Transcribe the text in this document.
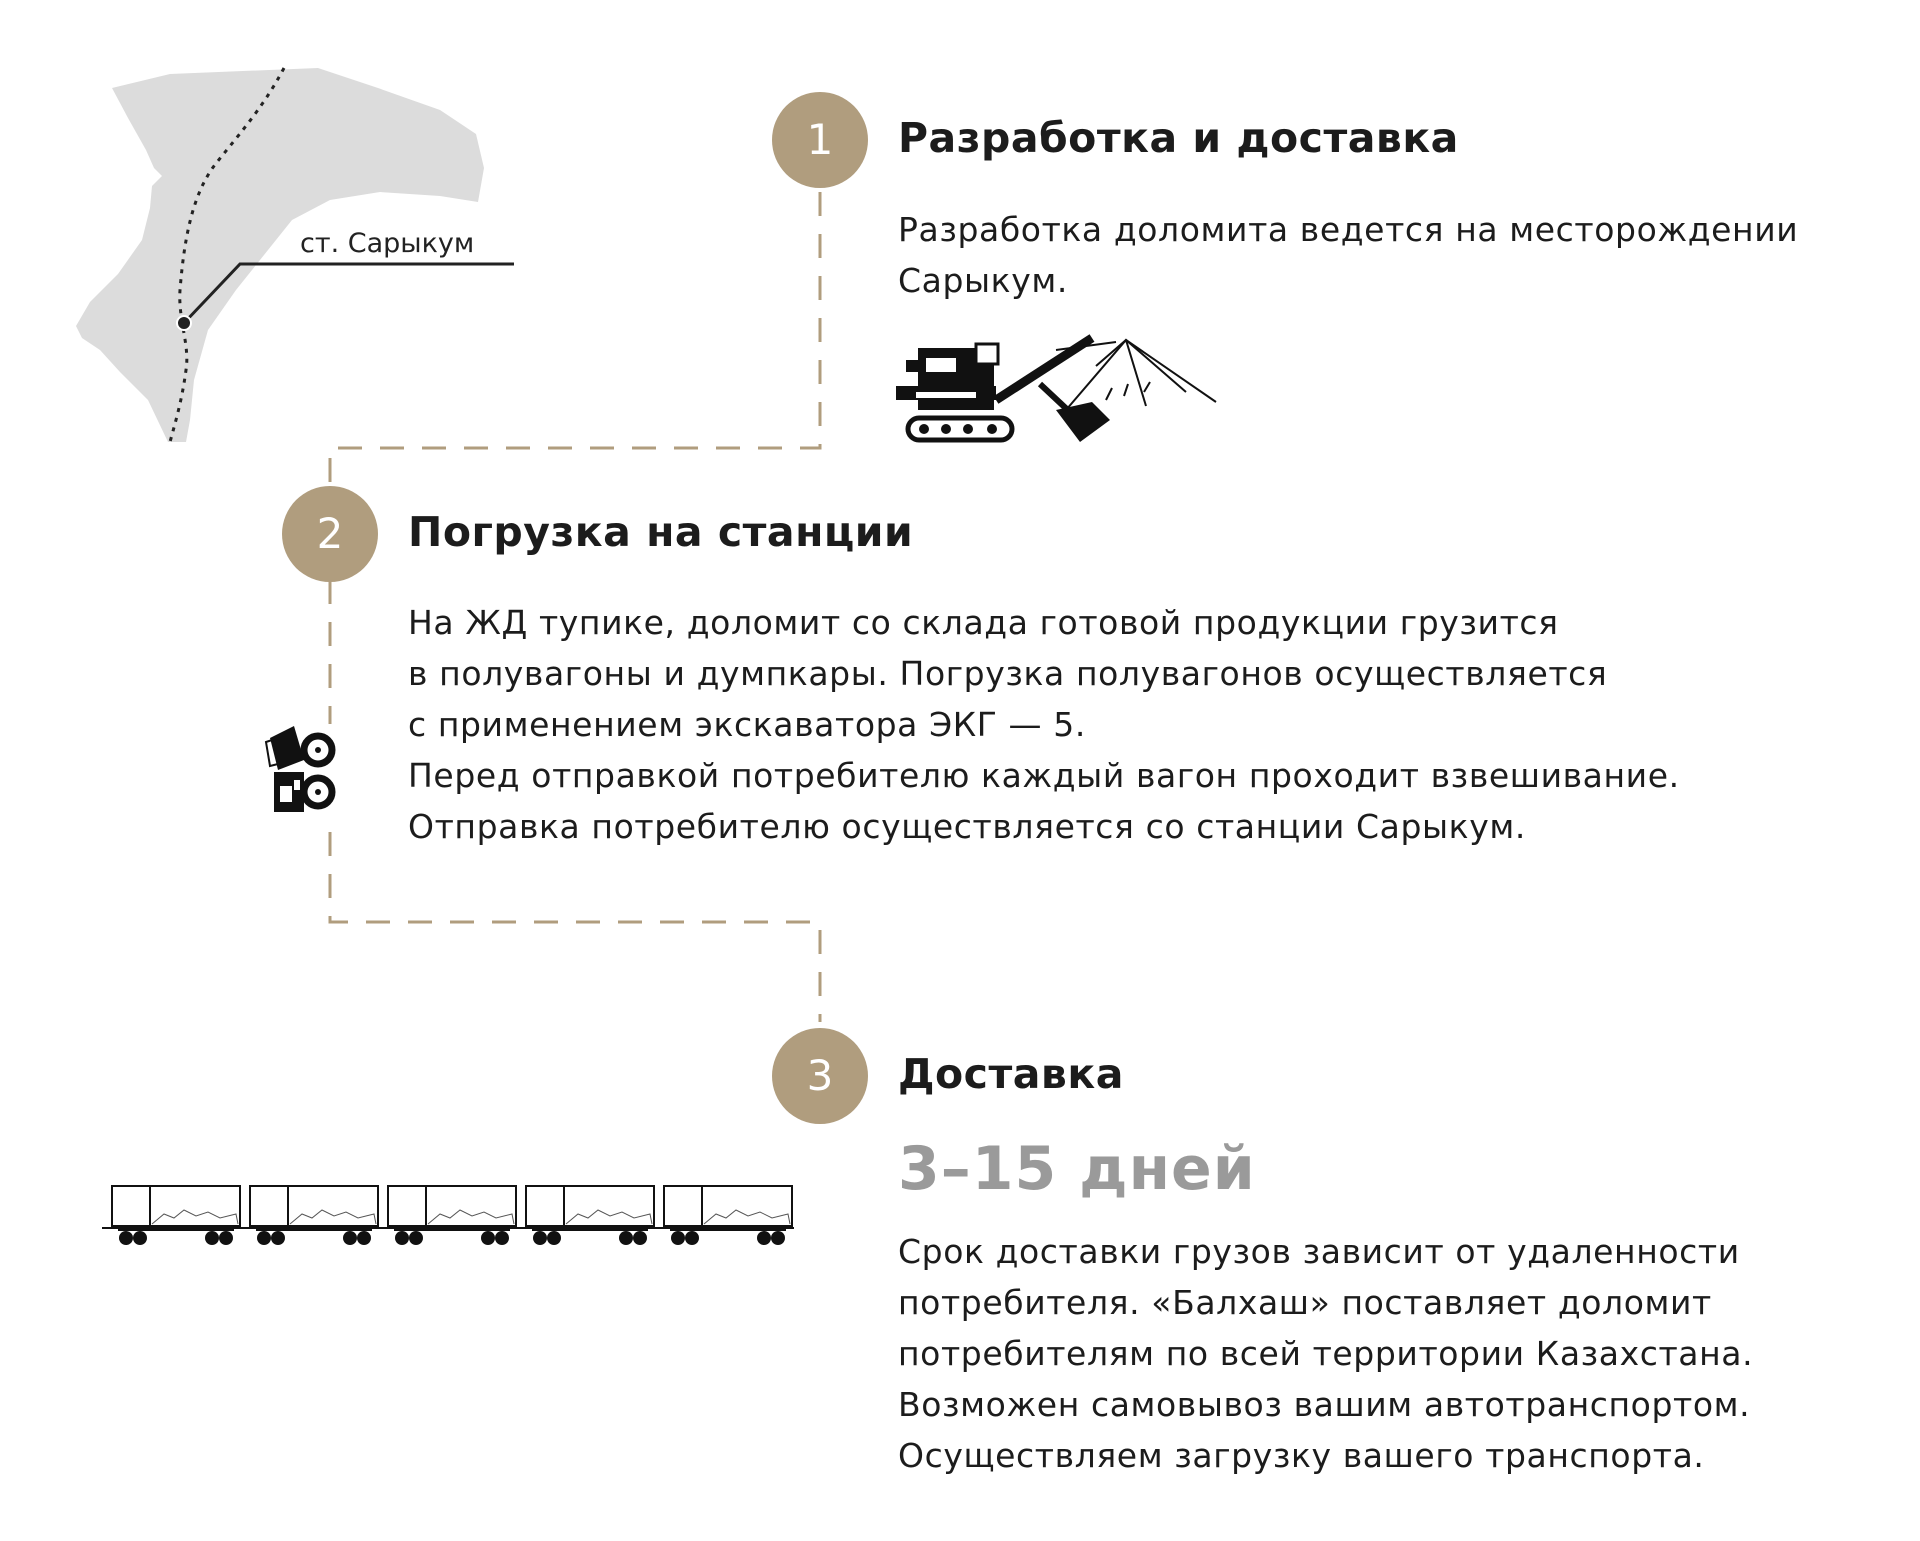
ст. Сарыкум
1	Разработка и доставка
Разработка доломита ведется на месторождении
Сарыкум.
2	Погрузка на станции
На ЖД тупике, доломит со склада готовой продукции грузится
в полувагоны и думпкары. Погрузка полувагонов осуществляется
с применением экскаватора ЭКГ — 5.
Перед отправкой потребителю каждый вагон проходит взвешивание.
Отправка потребителю осуществляется со станции Сарыкум.
3	Доставка
3–15 дней
Срок доставки грузов зависит от удаленности
потребителя. «Балхаш» поставляет доломит
потребителям по всей территории Казахстана.
Возможен самовывоз вашим автотранспортом.
Осуществляем загрузку вашего транспорта.
